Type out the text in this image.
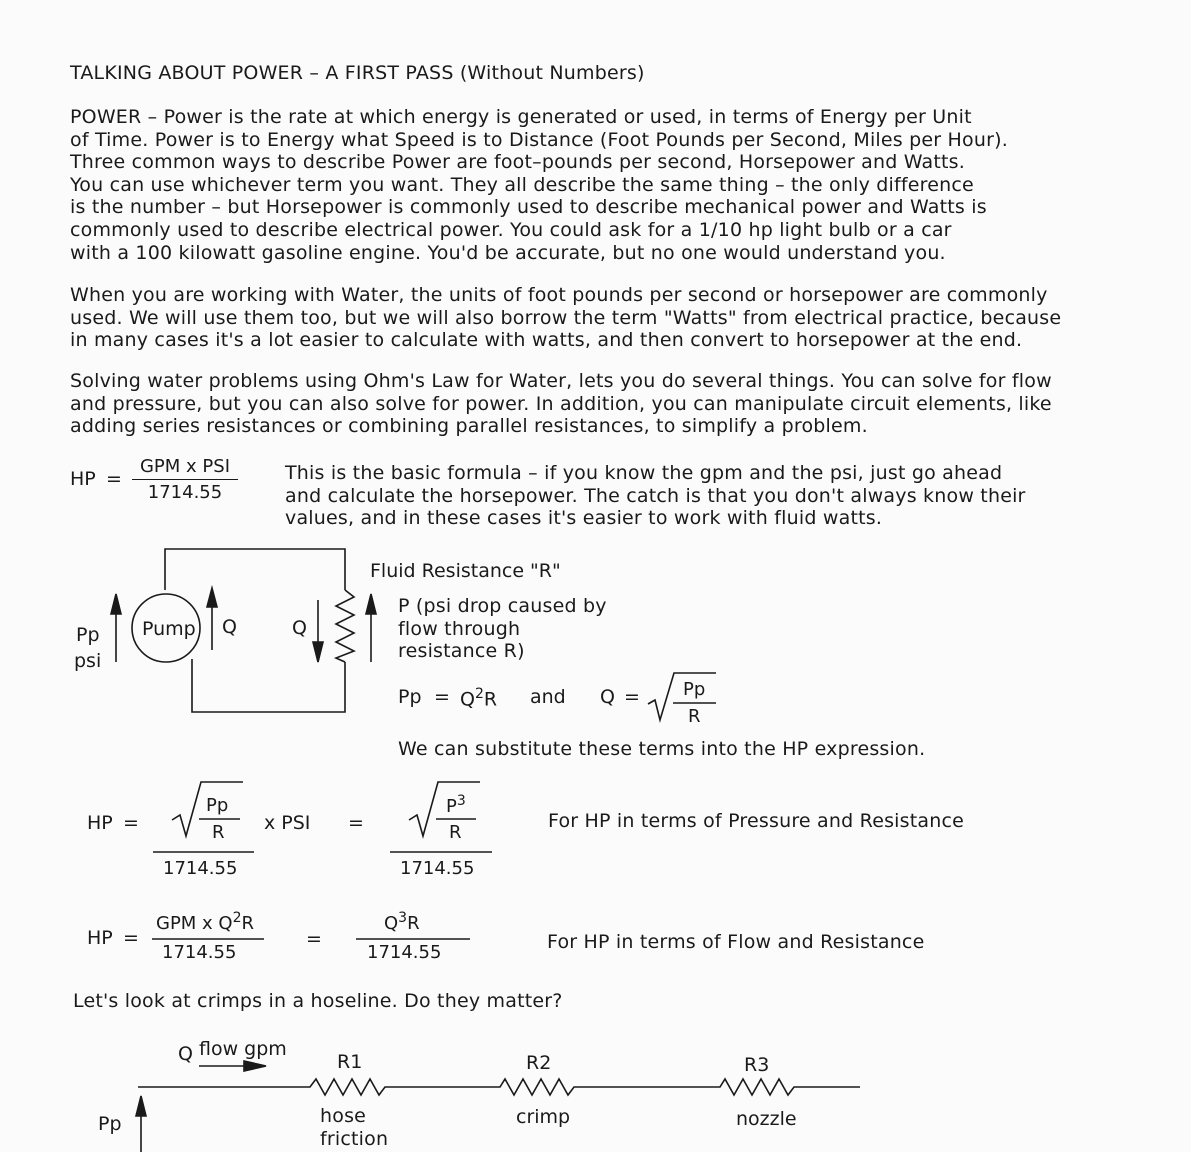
TALKING ABOUT POWER – A FIRST PASS (Without Numbers)
POWER – Power is the rate at which energy is generated or used, in terms of Energy per Unit
of Time. Power is to Energy what Speed is to Distance (Foot Pounds per Second, Miles per Hour).
Three common ways to describe Power are foot–pounds per second, Horsepower and Watts.
You can use whichever term you want. They all describe the same thing – the only difference
is the number – but Horsepower is commonly used to describe mechanical power and Watts is
commonly used to describe electrical power. You could ask for a 1/10 hp light bulb or a car
with a 100 kilowatt gasoline engine. You'd be accurate, but no one would understand you.
When you are working with Water, the units of foot pounds per second or horsepower are commonly
used. We will use them too, but we will also borrow the term "Watts" from electrical practice, because
in many cases it's a lot easier to calculate with watts, and then convert to horsepower at the end.
Solving water problems using Ohm's Law for Water, lets you do several things. You can solve for flow
and pressure, but you can also solve for power. In addition, you can manipulate circuit elements, like
adding series resistances or combining parallel resistances, to simplify a problem.
HP =
GPM x PSI
1714.55
This is the basic formula – if you know the gpm and the psi, just go ahead
and calculate the horsepower. The catch is that you don't always know their
values, and in these cases it's easier to work with fluid watts.
Pump
Pp
psi
Q	Q
Fluid Resistance "R"
P (psi drop caused by
flow through
resistance R)
$Pp = Q^2R$ and Q = Pp
R
We can substitute these terms into the HP expression.
HP =
Pp
R x PSI =
$P^3$
R
1714.55	1714.55
For HP in terms of Pressure and Resistance
HP =
GPM x $Q^2R$
1714.55
=
$Q^3R$
1714.55	For HP in terms of Flow and Resistance
Let's look at crimps in a hoseline. Do they matter?
Q flow gpm
R1	R2	R3
Pp	hose
friction
crimp	nozzle
